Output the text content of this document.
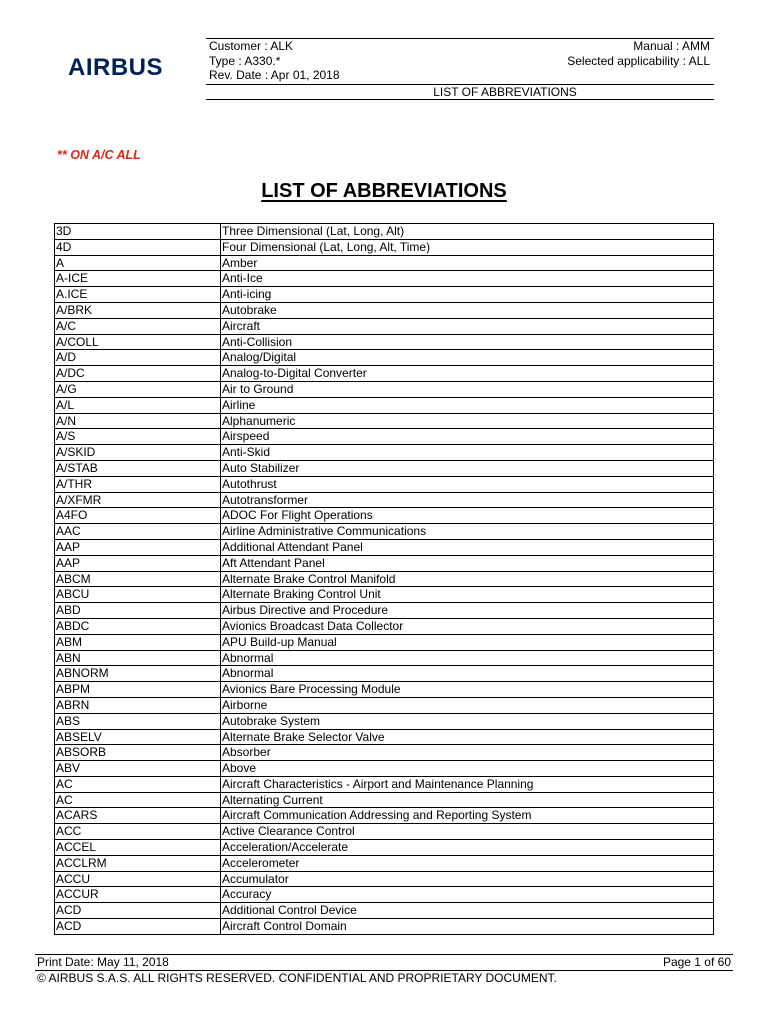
AIRBUS
Customer : ALK	Manual : AMM
Type : A330.*	Selected applicability : ALL
Rev. Date : Apr 01, 2018
LIST OF ABBREVIATIONS
** ON A/C ALL
LIST OF ABBREVIATIONS
3D	Three Dimensional (Lat, Long, Alt)
4D	Four Dimensional (Lat, Long, Alt, Time)
A	Amber
A-ICE	Anti-Ice
A.ICE	Anti-icing
A/BRK	Autobrake
A/C	Aircraft
A/COLL	Anti-Collision
A/D	Analog/Digital
A/DC	Analog-to-Digital Converter
A/G	Air to Ground
A/L	Airline
A/N	Alphanumeric
A/S	Airspeed
A/SKID	Anti-Skid
A/STAB	Auto Stabilizer
A/THR	Autothrust
A/XFMR	Autotransformer
A4FO	ADOC For Flight Operations
AAC	Airline Administrative Communications
AAP	Additional Attendant Panel
AAP	Aft Attendant Panel
ABCM	Alternate Brake Control Manifold
ABCU	Alternate Braking Control Unit
ABD	Airbus Directive and Procedure
ABDC	Avionics Broadcast Data Collector
ABM	APU Build-up Manual
ABN	Abnormal
ABNORM	Abnormal
ABPM	Avionics Bare Processing Module
ABRN	Airborne
ABS	Autobrake System
ABSELV	Alternate Brake Selector Valve
ABSORB	Absorber
ABV	Above
AC	Aircraft Characteristics - Airport and Maintenance Planning
AC	Alternating Current
ACARS	Aircraft Communication Addressing and Reporting System
ACC	Active Clearance Control
ACCEL	Acceleration/Accelerate
ACCLRM	Accelerometer
ACCU	Accumulator
ACCUR	Accuracy
ACD	Additional Control Device
ACD	Aircraft Control Domain
Print Date: May 11, 2018	Page 1 of 60
© AIRBUS S.A.S. ALL RIGHTS RESERVED. CONFIDENTIAL AND PROPRIETARY DOCUMENT.
